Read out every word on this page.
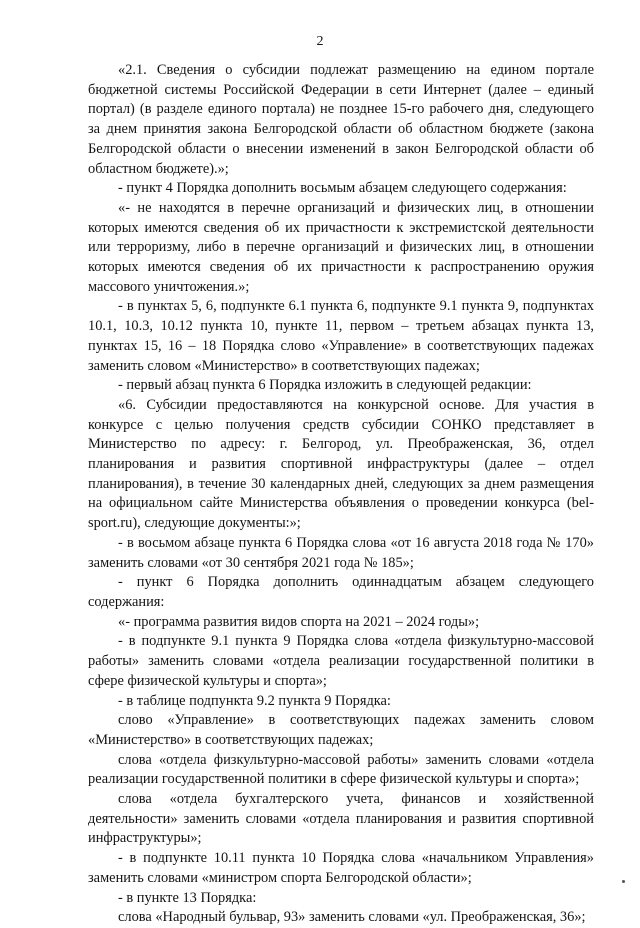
2

«2.1. Сведения о субсидии подлежат размещению на едином портале бюджетной системы Российской Федерации в сети Интернет (далее – единый портал) (в разделе единого портала) не позднее 15-го рабочего дня, следующего за днем принятия закона Белгородской области об областном бюджете (закона Белгородской области о внесении изменений в закон Белгородской области об областном бюджете).»;

- пункт 4 Порядка дополнить восьмым абзацем следующего содержания:

«- не находятся в перечне организаций и физических лиц, в отношении которых имеются сведения об их причастности к экстремистской деятельности или терроризму, либо в перечне организаций и физических лиц, в отношении которых имеются сведения об их причастности к распространению оружия массового уничтожения.»;

- в пунктах 5, 6, подпункте 6.1 пункта 6, подпункте 9.1 пункта 9, подпунктах 10.1, 10.3, 10.12 пункта 10, пункте 11, первом – третьем абзацах пункта 13, пунктах 15, 16 – 18 Порядка слово «Управление» в соответствующих падежах заменить словом «Министерство» в соответствующих падежах;

- первый абзац пункта 6 Порядка изложить в следующей редакции:

«6. Субсидии предоставляются на конкурсной основе. Для участия в конкурсе с целью получения средств субсидии СОНКО представляет в Министерство по адресу: г. Белгород, ул. Преображенская, 36, отдел планирования и развития спортивной инфраструктуры (далее – отдел планирования), в течение 30 календарных дней, следующих за днем размещения на официальном сайте Министерства объявления о проведении конкурса (bel-sport.ru), следующие документы:»;

- в восьмом абзаце пункта 6 Порядка слова «от 16 августа 2018 года № 170» заменить словами «от 30 сентября 2021 года № 185»;

- пункт 6 Порядка дополнить одиннадцатым абзацем следующего содержания:

«- программа развития видов спорта на 2021 – 2024 годы»;

- в подпункте 9.1 пункта 9 Порядка слова «отдела физкультурно-массовой работы» заменить словами «отдела реализации государственной политики в сфере физической культуры и спорта»;

- в таблице подпункта 9.2 пункта 9 Порядка:

слово «Управление» в соответствующих падежах заменить словом «Министерство» в соответствующих падежах;

слова «отдела физкультурно-массовой работы» заменить словами «отдела реализации государственной политики в сфере физической культуры и спорта»;

слова «отдела бухгалтерского учета, финансов и хозяйственной деятельности» заменить словами «отдела планирования и развития спортивной инфраструктуры»;

- в подпункте 10.11 пункта 10 Порядка слова «начальником Управления» заменить словами «министром спорта Белгородской области»;

- в пункте 13 Порядка:

слова «Народный бульвар, 93» заменить словами «ул. Преображенская, 36»;
